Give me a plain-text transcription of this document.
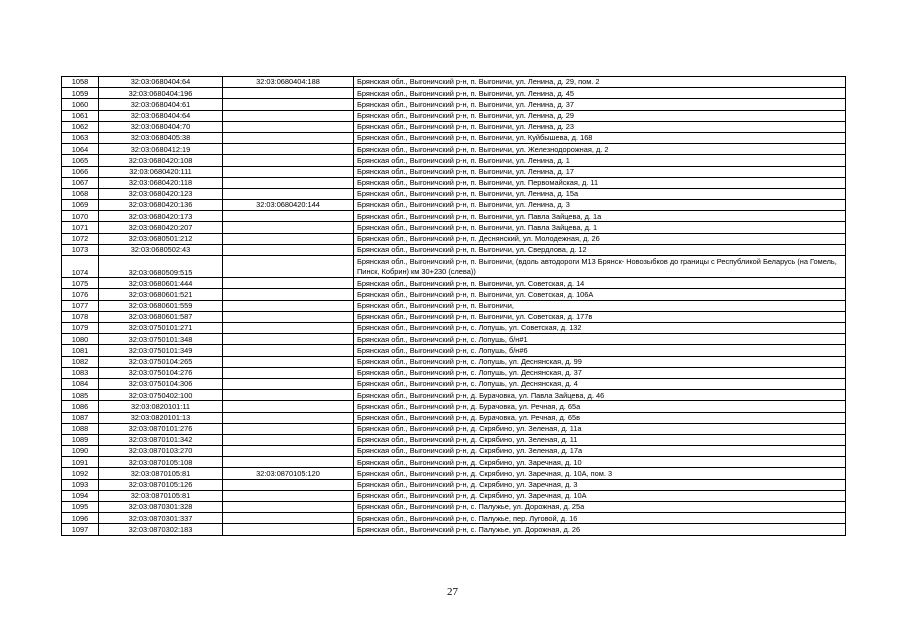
1058	32:03:0680404:64	32:03:0680404:188	Брянская обл., Выгоничский р-н, п. Выгоничи, ул. Ленина, д. 29, пом. 2
1059	32:03:0680404:196		Брянская обл., Выгоничский р-н, п. Выгоничи, ул. Ленина, д. 45
1060	32:03:0680404:61		Брянская обл., Выгоничский р-н, п. Выгоничи, ул. Ленина, д. 37
1061	32:03:0680404:64		Брянская обл., Выгоничский р-н, п. Выгоничи, ул. Ленина, д. 29
1062	32:03:0680404:70		Брянская обл., Выгоничский р-н, п. Выгоничи, ул. Ленина, д. 23
1063	32:03:0680405:38		Брянская обл., Выгоничский р-н, п. Выгоничи, ул. Куйбышева, д. 168
1064	32:03:0680412:19		Брянская обл., Выгоничский р-н, п. Выгоничи, ул. Железнодорожная, д. 2
1065	32:03:0680420:108		Брянская обл., Выгоничский р-н, п. Выгоничи, ул. Ленина, д. 1
1066	32:03:0680420:111		Брянская обл., Выгоничский р-н, п. Выгоничи, ул. Ленина, д. 17
1067	32:03:0680420:118		Брянская обл., Выгоничский р-н, п. Выгоничи, ул. Первомайская, д. 11
1068	32:03:0680420:123		Брянская обл., Выгоничский р-н, п. Выгоничи, ул. Ленина, д. 15а
1069	32:03:0680420:136	32:03:0680420:144	Брянская обл., Выгоничский р-н, п. Выгоничи, ул. Ленина, д. 3
1070	32:03:0680420:173		Брянская обл., Выгоничский р-н, п. Выгоничи, ул. Павла Зайцева, д. 1а
1071	32:03:0680420:207		Брянская обл., Выгоничский р-н, п. Выгоничи, ул. Павла Зайцева, д. 1
1072	32:03:0680501:212		Брянская обл., Выгоничский р-н, п. Деснянский, ул. Молодежная, д. 26
1073	32:03:0680502:43		Брянская обл., Выгоничский р-н, п. Выгоничи, ул. Свердлова, д. 12
1074	32:03:0680509:515		Брянская обл., Выгоничский р-н, п. Выгоничи, (вдоль автодороги М13 Брянск- Новозыбков до границы с Республикой Беларусь (на Гомель, Пинск, Кобрин) км 30+230 (слева))
1075	32:03:0680601:444		Брянская обл., Выгоничский р-н, п. Выгоничи, ул. Советская, д. 14
1076	32:03:0680601:521		Брянская обл., Выгоничский р-н, п. Выгоничи, ул. Советская, д. 106А
1077	32:03:0680601:559		Брянская обл., Выгоничский р-н, п. Выгоничи,
1078	32:03:0680601:587		Брянская обл., Выгоничский р-н, п. Выгоничи, ул. Советская, д. 177в
1079	32:03:0750101:271		Брянская обл., Выгоничский р-н, с. Лопушь, ул. Советская, д. 132
1080	32:03:0750101:348		Брянская обл., Выгоничский р-н, с. Лопушь, б/н#1
1081	32:03:0750101:349		Брянская обл., Выгоничский р-н, с. Лопушь, б/н#6
1082	32:03:0750104:265		Брянская обл., Выгоничский р-н, с. Лопушь, ул. Деснянская, д. 99
1083	32:03:0750104:276		Брянская обл., Выгоничский р-н, с. Лопушь, ул. Деснянская, д. 37
1084	32:03:0750104:306		Брянская обл., Выгоничский р-н, с. Лопушь, ул. Деснянская, д. 4
1085	32:03:0750402:100		Брянская обл., Выгоничский р-н, д. Бурачовка, ул. Павла Зайцева, д. 46
1086	32:03:0820101:11		Брянская обл., Выгоничский р-н, д. Бурачовка, ул. Речная, д. 65а
1087	32:03:0820101:13		Брянская обл., Выгоничский р-н, д. Бурачовка, ул. Речная, д. 65в
1088	32:03:0870101:276		Брянская обл., Выгоничский р-н, д. Скрябино, ул. Зеленая, д. 11а
1089	32:03:0870101:342		Брянская обл., Выгоничский р-н, д. Скрябино, ул. Зеленая, д. 11
1090	32:03:0870103:270		Брянская обл., Выгоничский р-н, д. Скрябино, ул. Зеленая, д. 17а
1091	32:03:0870105:108		Брянская обл., Выгоничский р-н, д. Скрябино, ул. Заречная, д. 10
1092	32:03:0870105:81	32:03:0870105:120	Брянская обл., Выгоничский р-н, д. Скрябино, ул. Заречная, д. 10А, пом. 3
1093	32:03:0870105:126		Брянская обл., Выгоничский р-н, д. Скрябино, ул. Заречная, д. 3
1094	32:03:0870105:81		Брянская обл., Выгоничский р-н, д. Скрябино, ул. Заречная, д. 10А
1095	32:03:0870301:328		Брянская обл., Выгоничский р-н, с. Палужье, ул. Дорожная, д. 25а
1096	32:03:0870301:337		Брянская обл., Выгоничский р-н, с. Палужье, пер. Луговой, д. 16
1097	32:03:0870302:183		Брянская обл., Выгоничский р-н, с. Палужье, ул. Дорожная, д. 26
27
